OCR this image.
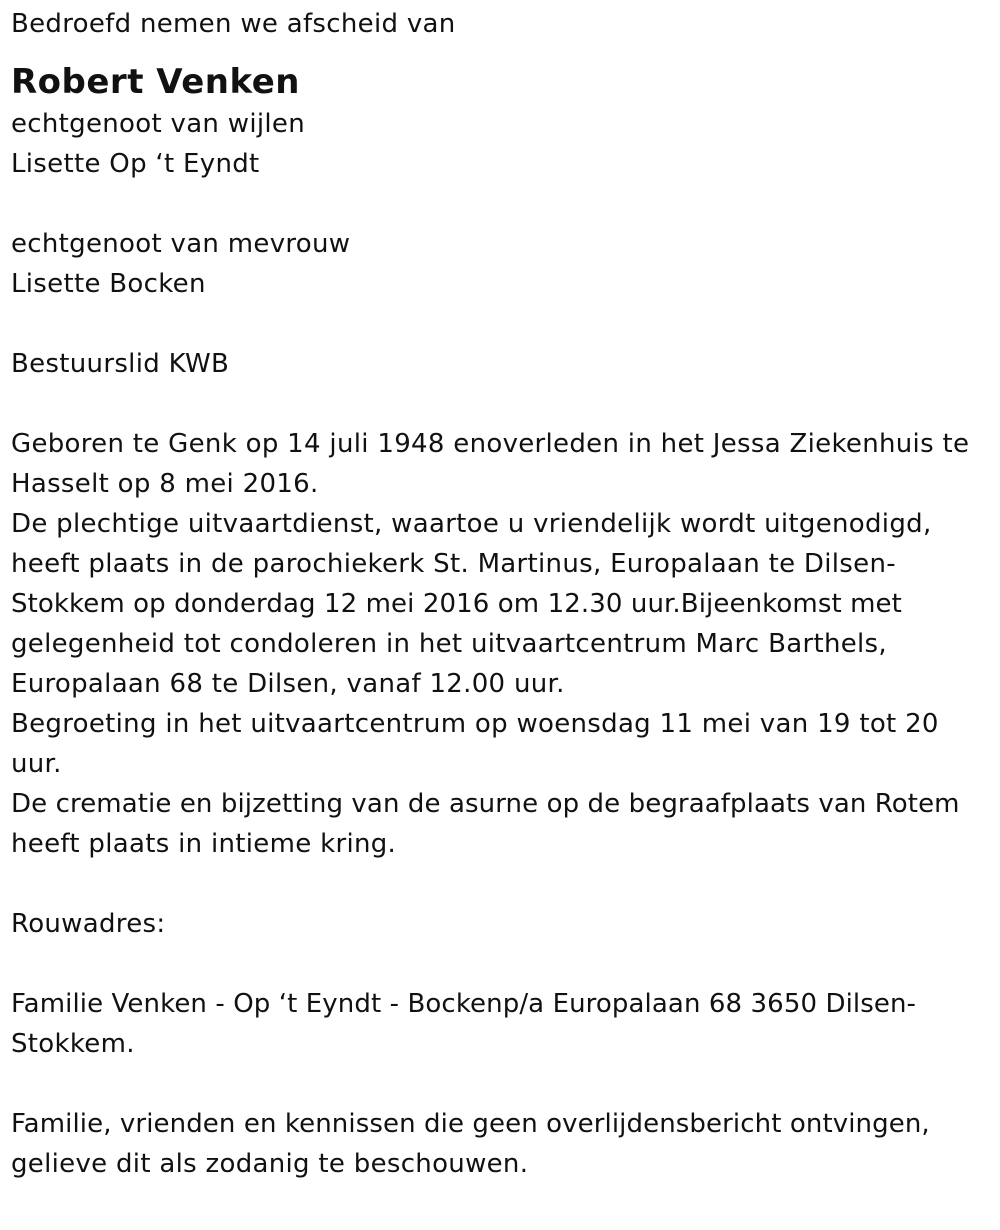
Bedroefd nemen we afscheid van

Robert Venken

echtgenoot van wijlen

Lisette Op ‘t Eyndt

echtgenoot van mevrouw

Lisette Bocken

Bestuurslid KWB

Geboren te Genk op 14 juli 1948 enoverleden in het Jessa Ziekenhuis te

Hasselt op 8 mei 2016.

De plechtige uitvaartdienst, waartoe u vriendelijk wordt uitgenodigd,

heeft plaats in de parochiekerk St. Martinus, Europalaan te Dilsen-

Stokkem op donderdag 12 mei 2016 om 12.30 uur.Bijeenkomst met

gelegenheid tot condoleren in het uitvaartcentrum Marc Barthels,

Europalaan 68 te Dilsen, vanaf 12.00 uur.

Begroeting in het uitvaartcentrum op woensdag 11 mei van 19 tot 20

uur.

De crematie en bijzetting van de asurne op de begraafplaats van Rotem

heeft plaats in intieme kring.

Rouwadres:

Familie Venken - Op ‘t Eyndt - Bockenp/a Europalaan 68 3650 Dilsen-

Stokkem.

Familie, vrienden en kennissen die geen overlijdensbericht ontvingen,

gelieve dit als zodanig te beschouwen.
